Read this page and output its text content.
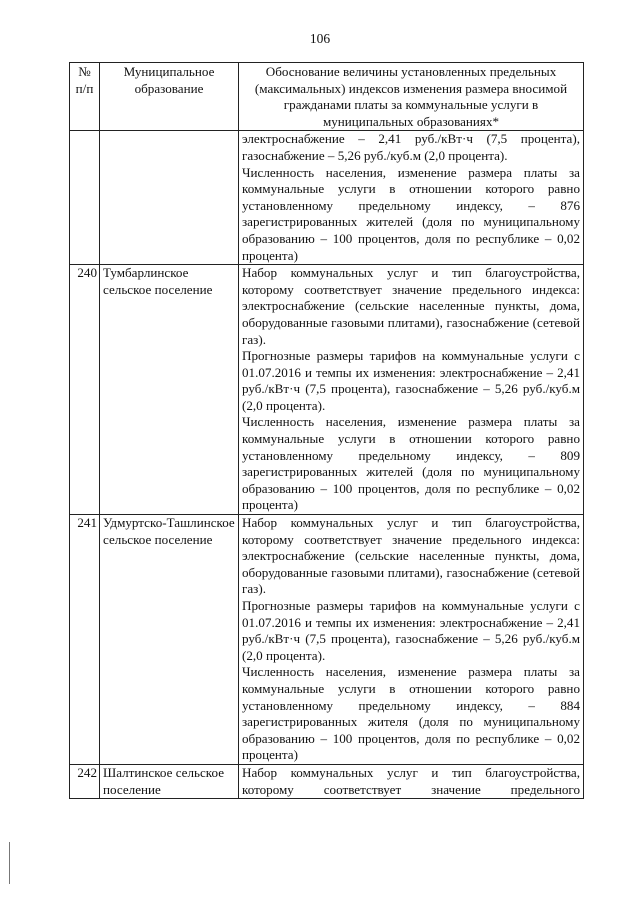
106
№ п/п	Муниципальное образование	Обоснование величины установленных предельных (максимальных) индексов изменения размера вносимой гражданами платы за коммунальные услуги в муниципальных образованиях*

		электроснабжение – 2,41 руб./кВт·ч (7,5 процента), газоснабжение – 5,26 руб./куб.м (2,0 процента).
Численность населения, изменение размера платы за коммунальные услуги в отношении которого равно установленному предельному индексу, – 876 зарегистрированных жителей (доля по муниципальному образованию – 100 процентов, доля по республике – 0,02 процента)

240	Тумбарлинское сельское поселение	Набор коммунальных услуг и тип благоустройства, которому соответствует значение предельного индекса: электроснабжение (сельские населенные пункты, дома, оборудованные газовыми плитами), газоснабжение (сетевой газ).
Прогнозные размеры тарифов на коммунальные услуги с 01.07.2016 и темпы их изменения: электроснабжение – 2,41 руб./кВт·ч (7,5 процента), газоснабжение – 5,26 руб./куб.м (2,0 процента).
Численность населения, изменение размера платы за коммунальные услуги в отношении которого равно установленному предельному индексу, – 809 зарегистрированных жителей (доля по муниципальному образованию – 100 процентов, доля по республике – 0,02 процента)

241	Удмуртско-Ташлинское сельское поселение	Набор коммунальных услуг и тип благоустройства, которому соответствует значение предельного индекса: электроснабжение (сельские населенные пункты, дома, оборудованные газовыми плитами), газоснабжение (сетевой газ).
Прогнозные размеры тарифов на коммунальные услуги с 01.07.2016 и темпы их изменения: электроснабжение – 2,41 руб./кВт·ч (7,5 процента), газоснабжение – 5,26 руб./куб.м (2,0 процента).
Численность населения, изменение размера платы за коммунальные услуги в отношении которого равно установленному предельному индексу, – 884 зарегистрированных жителя (доля по муниципальному образованию – 100 процентов, доля по республике – 0,02 процента)

242	Шалтинское сельское поселение	Набор коммунальных услуг и тип благоустройства, которому соответствует значение предельного
